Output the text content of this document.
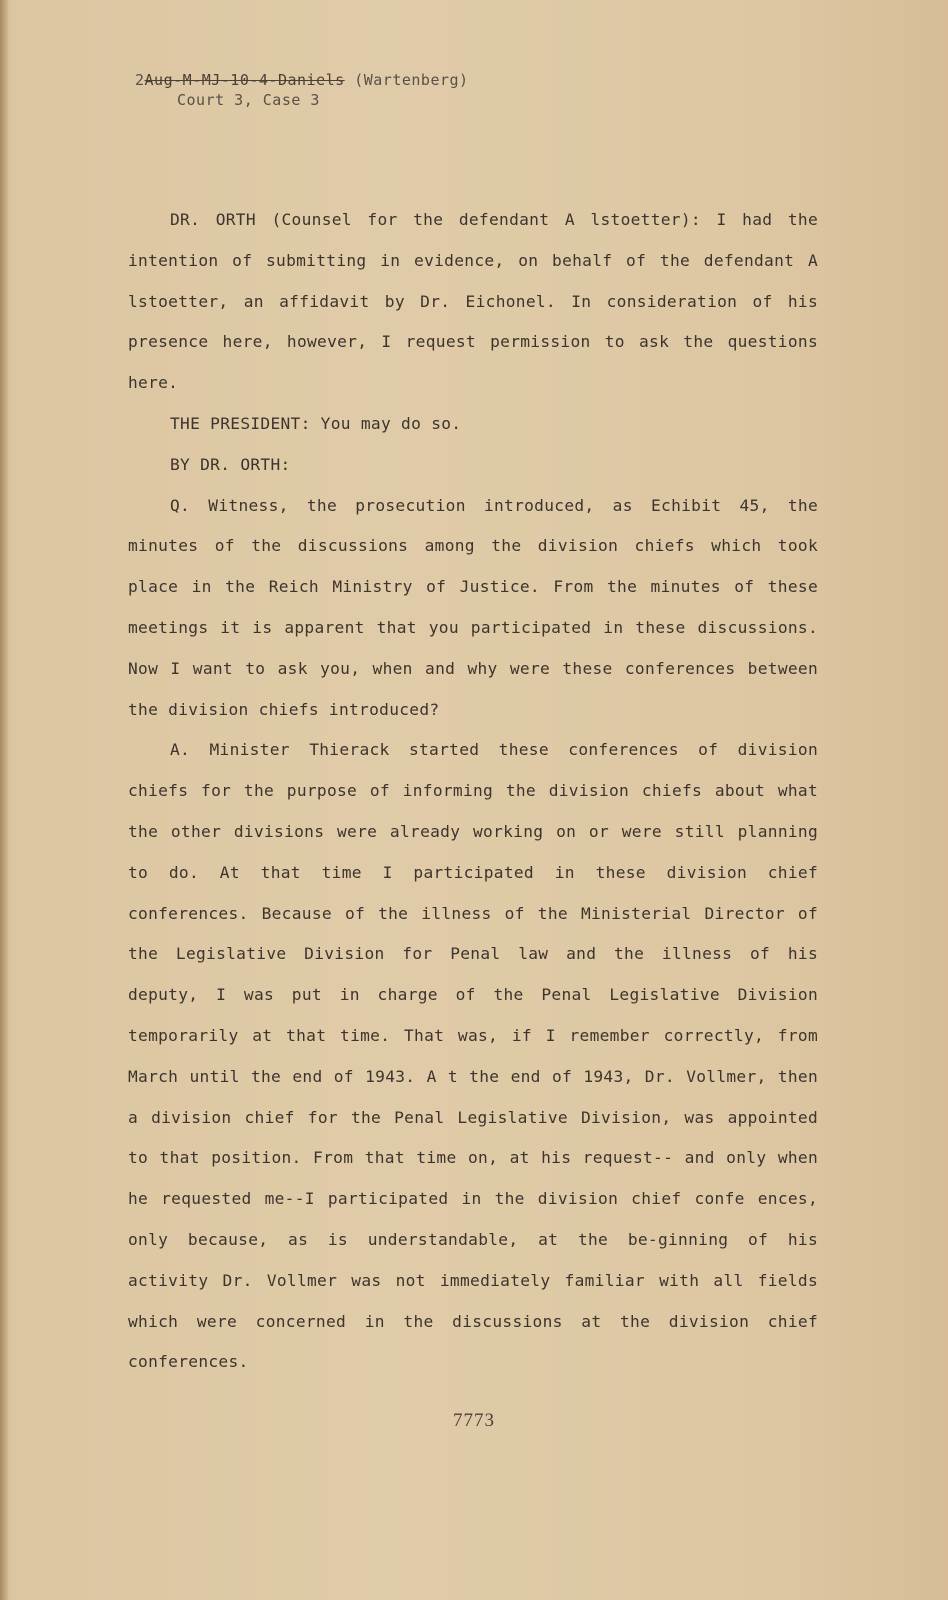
2Aug-M-MJ-10-4-Daniels (Wartenberg)
Court 3, Case 3

DR. ORTH (Counsel for the defendant A lstoetter): I had the intention of submitting in evidence, on behalf of the defendant A lstoetter, an affidavit by Dr. Eichonel. In consideration of his presence here, however, I request permission to ask the questions here.

THE PRESIDENT: You may do so.

BY DR. ORTH:

Q. Witness, the prosecution introduced, as Echibit 45, the minutes of the discussions among the division chiefs which took place in the Reich Ministry of Justice. From the minutes of these meetings it is apparent that you participated in these discussions. Now I want to ask you, when and why were these conferences between the division chiefs introduced?

A. Minister Thierack started these conferences of division chiefs for the purpose of informing the division chiefs about what the other divisions were already working on or were still planning to do. At that time I participated in these division chief conferences. Because of the illness of the Ministerial Director of the Legislative Division for Penal law and the illness of his deputy, I was put in charge of the Penal Legislative Division temporarily at that time. That was, if I remember correctly, from March until the end of 1943. A t the end of 1943, Dr. Vollmer, then a division chief for the Penal Legislative Division, was appointed to that position. From that time on, at his request-- and only when he requested me--I participated in the division chief confe ences, only because, as is understandable, at the be-ginning of his activity Dr. Vollmer was not immediately familiar with all fields which were concerned in the discussions at the division chief conferences.

7773
